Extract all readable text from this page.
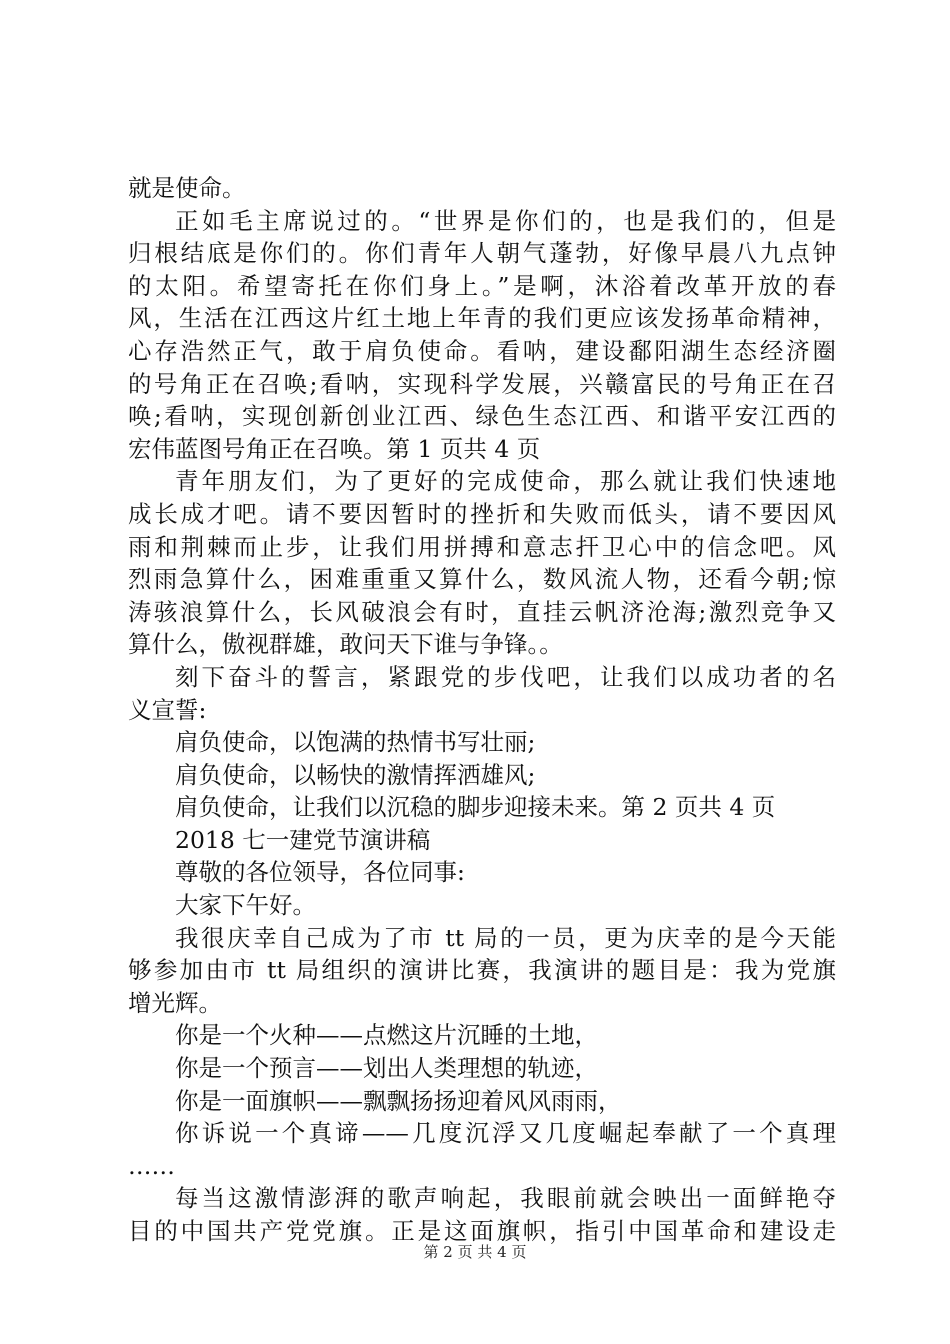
就是使命。
正如毛主席说过的。“世界是你们的，也是我们的，但是
归根结底是你们的。你们青年人朝气蓬勃，好像早晨八九点钟
的太阳。希望寄托在你们身上。”是啊，沐浴着改革开放的春
风，生活在江西这片红土地上年青的我们更应该发扬革命精神，
心存浩然正气，敢于肩负使命。看呐，建设鄱阳湖生态经济圈
的号角正在召唤;看呐，实现科学发展，兴赣富民的号角正在召
唤;看呐，实现创新创业江西、绿色生态江西、和谐平安江西的
宏伟蓝图号角正在召唤。第 1 页共 4 页
青年朋友们，为了更好的完成使命，那么就让我们快速地
成长成才吧。请不要因暂时的挫折和失败而低头，请不要因风
雨和荆棘而止步，让我们用拼搏和意志扞卫心中的信念吧。风
烈雨急算什么，困难重重又算什么，数风流人物，还看今朝;惊
涛骇浪算什么，长风破浪会有时，直挂云帆济沧海;激烈竞争又
算什么，傲视群雄，敢问天下谁与争锋。。
刻下奋斗的誓言，紧跟党的步伐吧，让我们以成功者的名
义宣誓:
肩负使命，以饱满的热情书写壮丽;
肩负使命，以畅快的激情挥洒雄风;
肩负使命，让我们以沉稳的脚步迎接未来。第 2 页共 4 页
2018 七一建党节演讲稿
尊敬的各位领导，各位同事:
大家下午好。
我很庆幸自己成为了市 tt 局的一员，更为庆幸的是今天能
够参加由市 tt 局组织的演讲比赛，我演讲的题目是：我为党旗
增光辉。
你是一个火种——点燃这片沉睡的土地，
你是一个预言——划出人类理想的轨迹，
你是一面旗帜——飘飘扬扬迎着风风雨雨，
你诉说一个真谛——几度沉浮又几度崛起奉献了一个真理
……
每当这激情澎湃的歌声响起，我眼前就会映出一面鲜艳夺
目的中国共产党党旗。正是这面旗帜，指引中国革命和建设走
第 2 页 共 4 页
